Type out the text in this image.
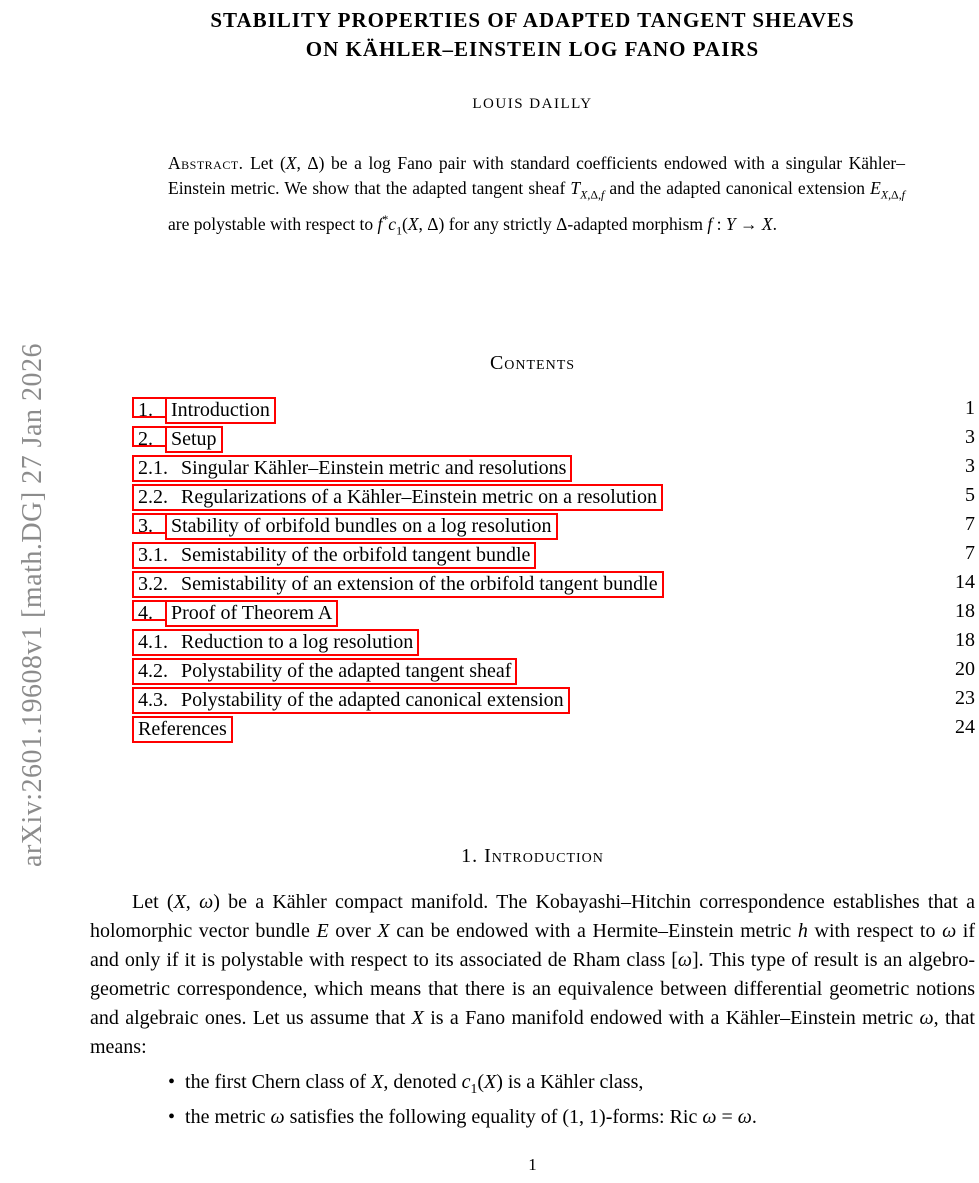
arXiv:2601.19608v1 [math.DG] 27 Jan 2026
STABILITY PROPERTIES OF ADAPTED TANGENT SHEAVES
ON KÄHLER–EINSTEIN LOG FANO PAIRS
LOUIS DAILLY
Abstract. Let (X, Δ) be a log Fano pair with standard coefficients endowed with a singular Kähler–Einstein metric. We show that the adapted tangent sheaf $T_{X,\Delta,f}$ and the adapted canonical extension $E_{X,\Delta,f}$ are polystable with respect to $f^*c_1(X$, Δ) for any strictly Δ-adapted morphism f : Y → X.
Contents
1. Introduction	1
2. Setup	3
2.1. Singular Kähler–Einstein metric and resolutions	3
2.2. Regularizations of a Kähler–Einstein metric on a resolution	5
3. Stability of orbifold bundles on a log resolution	7
3.1. Semistability of the orbifold tangent bundle	7
3.2. Semistability of an extension of the orbifold tangent bundle	14
4. Proof of Theorem A	18
4.1. Reduction to a log resolution	18
4.2. Polystability of the adapted tangent sheaf	20
4.3. Polystability of the adapted canonical extension	23
References	24
1. Introduction
Let (X, ω) be a Kähler compact manifold. The Kobayashi–Hitchin correspondence establishes that a holomorphic vector bundle E over X can be endowed with a Hermite–Einstein metric h with respect to ω if and only if it is polystable with respect to its associated de Rham class [ω]. This type of result is an algebro-geometric correspondence, which means that there is an equivalence between differential geometric notions and algebraic ones. Let us assume that X is a Fano manifold endowed with a Kähler–Einstein metric ω, that means:
• the first Chern class of X, denoted $c_1(X)$ is a Kähler class,
• the metric ω satisfies the following equality of (1, 1)-forms: Ric ω = ω.
1
